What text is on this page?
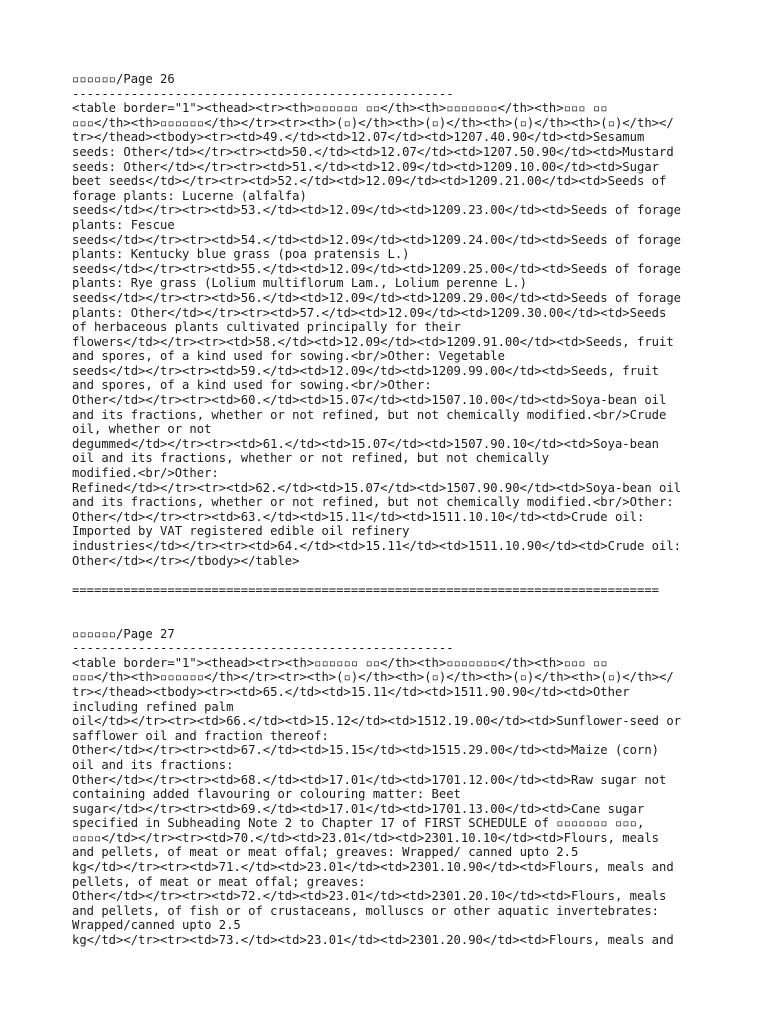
▫▫▫▫▫▫/Page 26
----------------------------------------------------
<table border="1"><thead><tr><th>▫▫▫▫▫▫ ▫▫</th><th>▫▫▫▫▫▫▫</th><th>▫▫▫ ▫▫
▫▫▫</th><th>▫▫▫▫▫▫</th></tr><tr><th>(▫)</th><th>(▫)</th><th>(▫)</th><th>(▫)</th></
tr></thead><tbody><tr><td>49.</td><td>12.07</td><td>1207.40.90</td><td>Sesamum
seeds: Other</td></tr><tr><td>50.</td><td>12.07</td><td>1207.50.90</td><td>Mustard
seeds: Other</td></tr><tr><td>51.</td><td>12.09</td><td>1209.10.00</td><td>Sugar
beet seeds</td></tr><tr><td>52.</td><td>12.09</td><td>1209.21.00</td><td>Seeds of
forage plants: Lucerne (alfalfa)
seeds</td></tr><tr><td>53.</td><td>12.09</td><td>1209.23.00</td><td>Seeds of forage
plants: Fescue
seeds</td></tr><tr><td>54.</td><td>12.09</td><td>1209.24.00</td><td>Seeds of forage
plants: Kentucky blue grass (poa pratensis L.)
seeds</td></tr><tr><td>55.</td><td>12.09</td><td>1209.25.00</td><td>Seeds of forage
plants: Rye grass (Lolium multiflorum Lam., Lolium perenne L.)
seeds</td></tr><tr><td>56.</td><td>12.09</td><td>1209.29.00</td><td>Seeds of forage
plants: Other</td></tr><tr><td>57.</td><td>12.09</td><td>1209.30.00</td><td>Seeds
of herbaceous plants cultivated principally for their
flowers</td></tr><tr><td>58.</td><td>12.09</td><td>1209.91.00</td><td>Seeds, fruit
and spores, of a kind used for sowing.<br/>Other: Vegetable
seeds</td></tr><tr><td>59.</td><td>12.09</td><td>1209.99.00</td><td>Seeds, fruit
and spores, of a kind used for sowing.<br/>Other:
Other</td></tr><tr><td>60.</td><td>15.07</td><td>1507.10.00</td><td>Soya-bean oil
and its fractions, whether or not refined, but not chemically modified.<br/>Crude
oil, whether or not
degummed</td></tr><tr><td>61.</td><td>15.07</td><td>1507.90.10</td><td>Soya-bean
oil and its fractions, whether or not refined, but not chemically
modified.<br/>Other:
Refined</td></tr><tr><td>62.</td><td>15.07</td><td>1507.90.90</td><td>Soya-bean oil
and its fractions, whether or not refined, but not chemically modified.<br/>Other:
Other</td></tr><tr><td>63.</td><td>15.11</td><td>1511.10.10</td><td>Crude oil:
Imported by VAT registered edible oil refinery
industries</td></tr><tr><td>64.</td><td>15.11</td><td>1511.10.90</td><td>Crude oil:
Other</td></tr></tbody></table>
================================================================================
▫▫▫▫▫▫/Page 27
----------------------------------------------------
<table border="1"><thead><tr><th>▫▫▫▫▫▫ ▫▫</th><th>▫▫▫▫▫▫▫</th><th>▫▫▫ ▫▫
▫▫▫</th><th>▫▫▫▫▫▫</th></tr><tr><th>(▫)</th><th>(▫)</th><th>(▫)</th><th>(▫)</th></
tr></thead><tbody><tr><td>65.</td><td>15.11</td><td>1511.90.90</td><td>Other
including refined palm
oil</td></tr><tr><td>66.</td><td>15.12</td><td>1512.19.00</td><td>Sunflower-seed or
safflower oil and fraction thereof:
Other</td></tr><tr><td>67.</td><td>15.15</td><td>1515.29.00</td><td>Maize (corn)
oil and its fractions:
Other</td></tr><tr><td>68.</td><td>17.01</td><td>1701.12.00</td><td>Raw sugar not
containing added flavouring or colouring matter: Beet
sugar</td></tr><tr><td>69.</td><td>17.01</td><td>1701.13.00</td><td>Cane sugar
specified in Subheading Note 2 to Chapter 17 of FIRST SCHEDULE of ▫▫▫▫▫▫▫ ▫▫▫,
▫▫▫▫</td></tr><tr><td>70.</td><td>23.01</td><td>2301.10.10</td><td>Flours, meals
and pellets, of meat or meat offal; greaves: Wrapped/ canned upto 2.5
kg</td></tr><tr><td>71.</td><td>23.01</td><td>2301.10.90</td><td>Flours, meals and
pellets, of meat or meat offal; greaves:
Other</td></tr><tr><td>72.</td><td>23.01</td><td>2301.20.10</td><td>Flours, meals
and pellets, of fish or of crustaceans, molluscs or other aquatic invertebrates:
Wrapped/canned upto 2.5
kg</td></tr><tr><td>73.</td><td>23.01</td><td>2301.20.90</td><td>Flours, meals and
